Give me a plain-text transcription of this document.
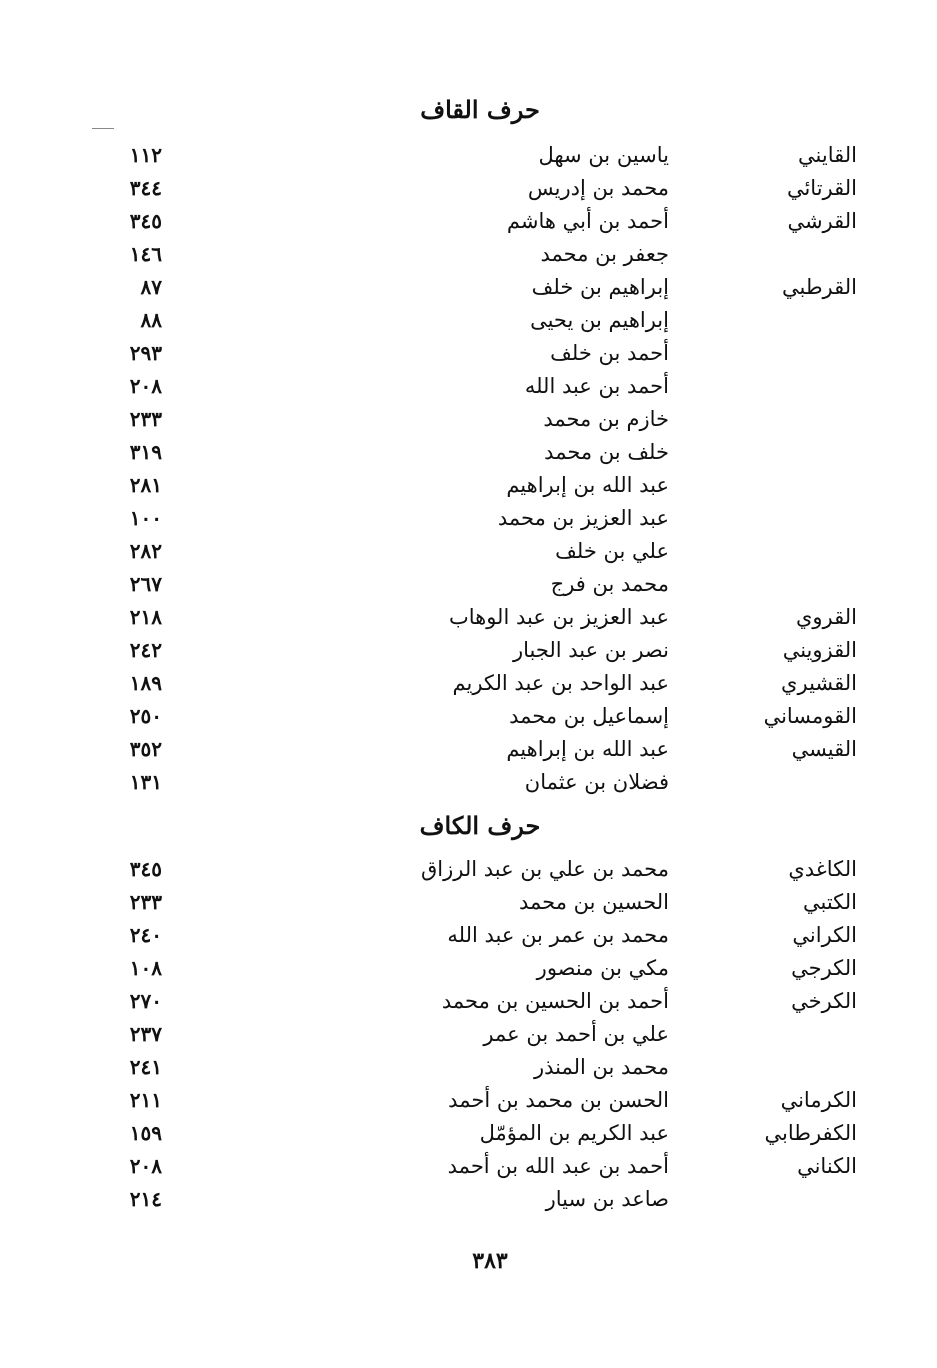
حرف القاف
القايني
ياسين بن سهل
١١٢
القرتائي
محمد بن إدريس
٣٤٤
القرشي
أحمد بن أبي هاشم
٣٤٥
جعفر بن محمد
١٤٦
القرطبي
إبراهيم بن خلف
٨٧
إبراهيم بن يحيى
٨٨
أحمد بن خلف
٢٩٣
أحمد بن عبد الله
٢٠٨
خازم بن محمد
٢٣٣
خلف بن محمد
٣١٩
عبد الله بن إبراهيم
٢٨١
عبد العزيز بن محمد
١٠٠
علي بن خلف
٢٨٢
محمد بن فرج
٢٦٧
القروي
عبد العزيز بن عبد الوهاب
٢١٨
القزويني
نصر بن عبد الجبار
٢٤٢
القشيري
عبد الواحد بن عبد الكريم
١٨٩
القومساني
إسماعيل بن محمد
٢٥٠
القيسي
عبد الله بن إبراهيم
٣٥٢
فضلان بن عثمان
١٣١
حرف الكاف
الكاغدي
محمد بن علي بن عبد الرزاق
٣٤٥
الكتبي
الحسين بن محمد
٢٣٣
الكراني
محمد بن عمر بن عبد الله
٢٤٠
الكرجي
مكي بن منصور
١٠٨
الكرخي
أحمد بن الحسين بن محمد
٢٧٠
علي بن أحمد بن عمر
٢٣٧
محمد بن المنذر
٢٤١
الكرماني
الحسن بن محمد بن أحمد
٢١١
الكفرطابي
عبد الكريم بن المؤمّل
١٥٩
الكناني
أحمد بن عبد الله بن أحمد
٢٠٨
صاعد بن سيار
٢١٤
٣٨٣
